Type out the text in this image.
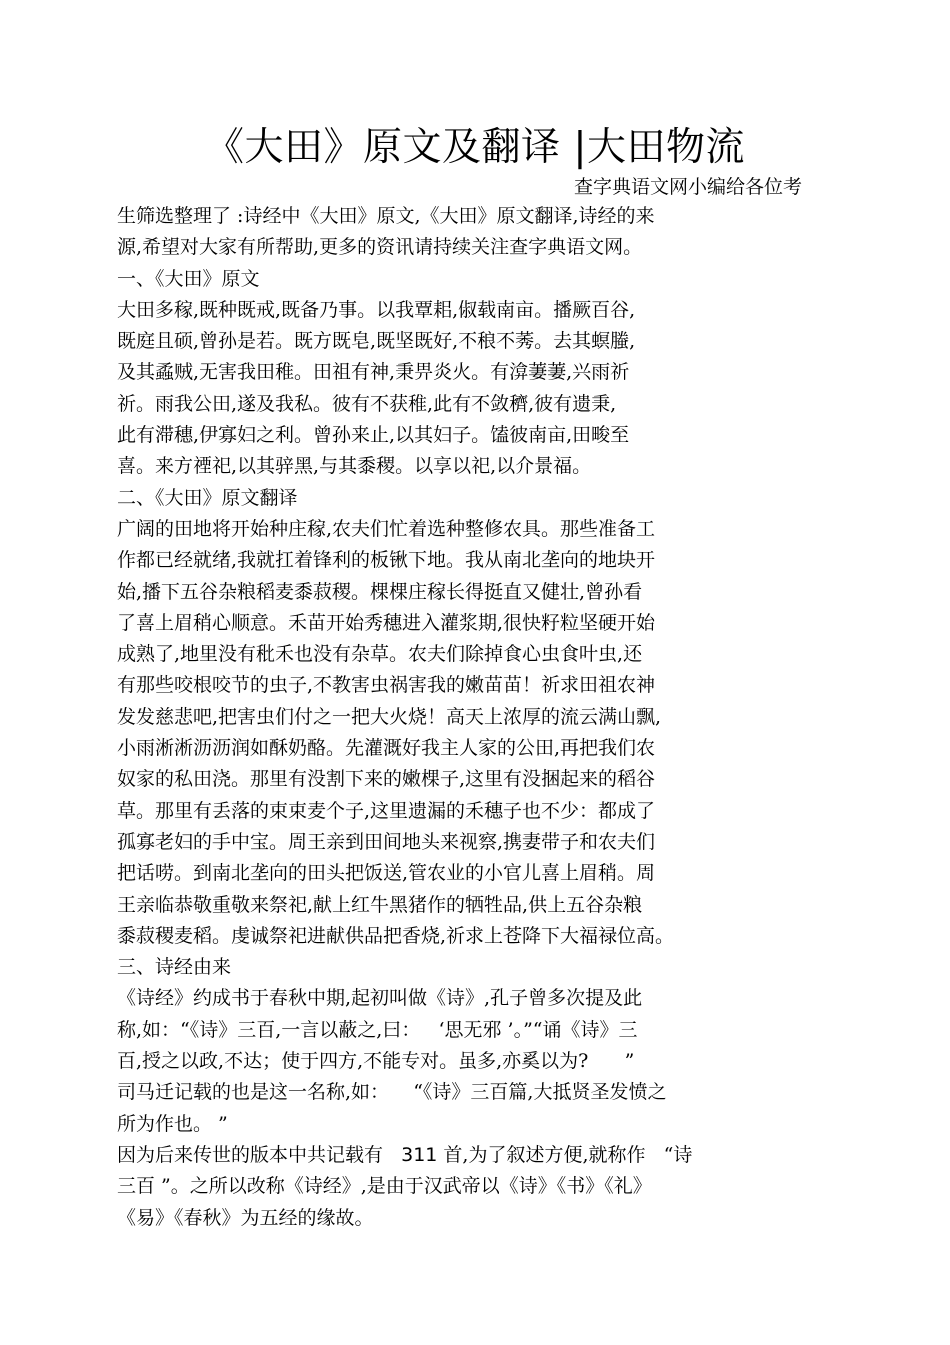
《大田》原文及翻译 |大田物流
查字典语文网小编给各位考
生筛选整理了 :诗经中《大田》原文,《大田》原文翻译,诗经的来
源,希望对大家有所帮助,更多的资讯请持续关注查字典语文网。
一、《大田》原文
大田多稼,既种既戒,既备乃事。以我覃耜,俶载南亩。播厥百谷,
既庭且硕,曾孙是若。既方既皂,既坚既好,不稂不莠。去其螟螣,
及其蟊贼,无害我田稚。田祖有神,秉畀炎火。有渰萋萋,兴雨祈
祈。雨我公田,遂及我私。彼有不获稚,此有不敛穧,彼有遗秉,
此有滞穗,伊寡妇之利。曾孙来止,以其妇子。馌彼南亩,田畯至
喜。来方禋祀,以其骍黑,与其黍稷。以享以祀,以介景福。
二、《大田》原文翻译
广阔的田地将开始种庄稼,农夫们忙着选种整修农具。那些准备工
作都已经就绪,我就扛着锋利的板锹下地。我从南北垄向的地块开
始,播下五谷杂粮稻麦黍菽稷。棵棵庄稼长得挺直又健壮,曾孙看
了喜上眉稍心顺意。禾苗开始秀穗进入灌浆期,很快籽粒坚硬开始
成熟了,地里没有秕禾也没有杂草。农夫们除掉食心虫食叶虫,还
有那些咬根咬节的虫子,不教害虫祸害我的嫩苗苗！祈求田祖农神
发发慈悲吧,把害虫们付之一把大火烧！高天上浓厚的流云满山飘,
小雨淅淅沥沥润如酥奶酪。先灌溉好我主人家的公田,再把我们农
奴家的私田浇。那里有没割下来的嫩棵子,这里有没捆起来的稻谷
草。那里有丢落的束束麦个子,这里遗漏的禾穗子也不少：都成了
孤寡老妇的手中宝。周王亲到田间地头来视察,携妻带子和农夫们
把话唠。到南北垄向的田头把饭送,管农业的小官儿喜上眉稍。周
王亲临恭敬重敬来祭祀,献上红牛黑猪作的牺牲品,供上五谷杂粮
黍菽稷麦稻。虔诚祭祀进献供品把香烧,祈求上苍降下大福禄位高。
三、诗经由来
《诗经》约成书于春秋中期,起初叫做《诗》,孔子曾多次提及此
称,如：“《诗》三百,一言以蔽之,曰：   ‘思无邪 ’。”“诵《诗》三
百,授之以政,不达；使于四方,不能专对。虽多,亦奚以为?      ”
司马迁记载的也是这一名称,如：    “《诗》三百篇,大抵贤圣发愤之
所为作也。 ”
因为后来传世的版本中共记载有   311 首,为了叙述方便,就称作   “诗
三百 ”。之所以改称《诗经》,是由于汉武帝以《诗》《书》《礼》
《易》《春秋》为五经的缘故。
